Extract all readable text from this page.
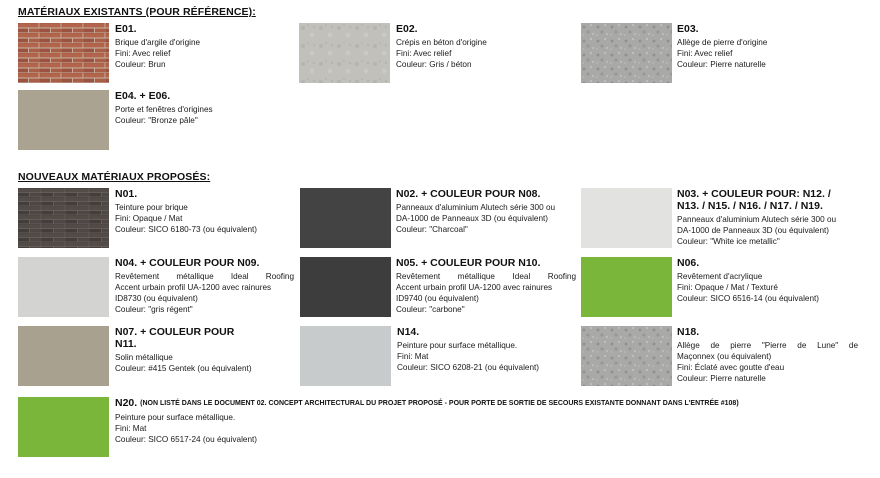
MATÉRIAUX EXISTANTS (POUR RÉFÉRENCE):
E01.
Brique d'argile d'origine
Fini: Avec relief
Couleur: Brun
E02.
Crépis en béton d'origine
Fini: Avec relief
Couleur: Gris / béton
E03.
Allège de pierre d'origine
Fini: Avec relief
Couleur: Pierre naturelle
E04. + E06.
Porte et fenêtres d'origines
Couleur: "Bronze pâle"
NOUVEAUX MATÉRIAUX PROPOSÉS:
N01.
Teinture pour brique
Fini: Opaque / Mat
Couleur: SICO 6180-73 (ou équivalent)
N02. + COULEUR POUR N08.
Panneaux d'aluminium Alutech série 300 ou
DA-1000 de Panneaux 3D (ou équivalent)
Couleur: "Charcoal"
N03. + COULEUR POUR: N12. /
N13. / N15. / N16. / N17. / N19.
Panneaux d'aluminium Alutech série 300 ou
DA-1000 de Panneaux 3D (ou équivalent)
Couleur: "White ice metallic"
N04. + COULEUR POUR N09.
Revêtement métallique Ideal Roofing
Accent urbain profil UA-1200 avec rainures
ID8730 (ou équivalent)
Couleur: "gris régent"
N05. + COULEUR POUR N10.
Revêtement métallique Ideal Roofing
Accent urbain profil UA-1200 avec rainures
ID9740 (ou équivalent)
Couleur: "carbone"
N06.
Revêtement d'acrylique
Fini: Opaque / Mat / Texturé
Couleur: SICO 6516-14 (ou équivalent)
N07. + COULEUR POUR N11.
Solin métallique
Couleur: #415 Gentek (ou équivalent)
N14.
Peinture pour surface métallique.
Fini: Mat
Couleur: SICO 6208-21 (ou équivalent)
N18.
Allège de pierre "Pierre de Lune" de
Maçonnex (ou équivalent)
Fini: Éclaté avec goutte d'eau
Couleur: Pierre naturelle
N20. (NON LISTÉ DANS LE DOCUMENT 02. CONCEPT ARCHITECTURAL DU PROJET PROPOSÉ - POUR PORTE DE SORTIE DE SECOURS EXISTANTE DONNANT DANS L'ENTRÉE #108)
Peinture pour surface métallique.
Fini: Mat
Couleur: SICO 6517-24 (ou équivalent)
